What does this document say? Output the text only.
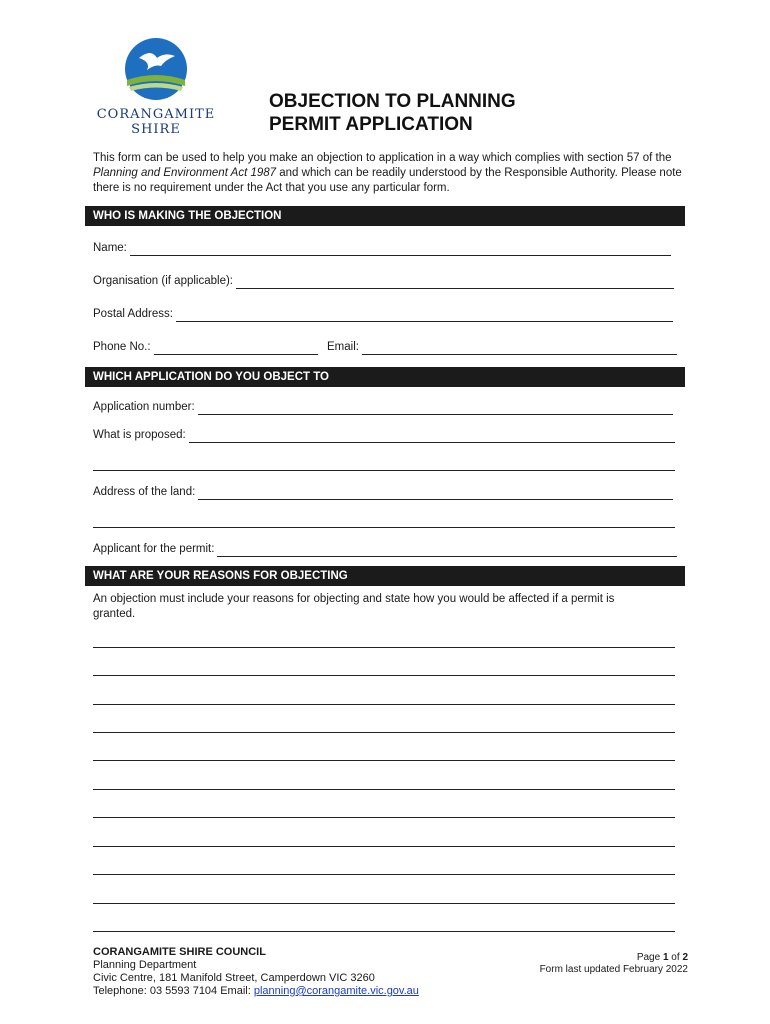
CORANGAMITE
SHIRE
OBJECTION TO PLANNING
PERMIT APPLICATION
This form can be used to help you make an objection to application in a way which complies with section 57 of the Planning and Environment Act 1987 and which can be readily understood by the Responsible Authority. Please note there is no requirement under the Act that you use any particular form.
WHO IS MAKING THE OBJECTION
Name:
Organisation (if applicable):
Postal Address:
Phone No.:	Email:
WHICH APPLICATION DO YOU OBJECT TO
Application number:
What is proposed:
Address of the land:
Applicant for the permit:
WHAT ARE YOUR REASONS FOR OBJECTING
An objection must include your reasons for objecting and state how you would be affected if a permit is granted.
CORANGAMITE SHIRE COUNCIL
Planning Department
Civic Centre, 181 Manifold Street, Camperdown VIC 3260
Telephone: 03 5593 7104 Email: planning@corangamite.vic.gov.au
Page 1 of 2
Form last updated February 2022
